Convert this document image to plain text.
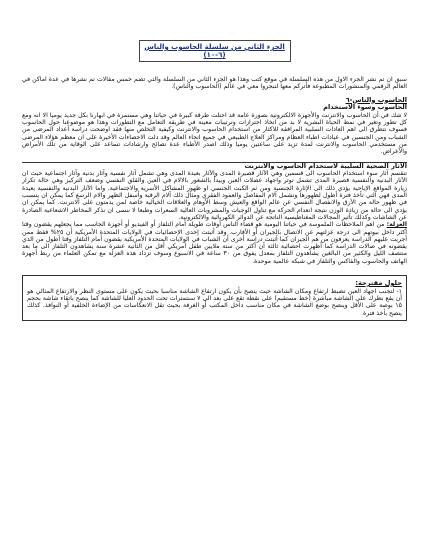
الجزء الثاني من سلسلة الحاسوب والناس (٦-١٠)

سبق ان تم نشر الجزء الاول من هذه السلسلة في موقع كتب وهذا هو الجزء الثاني من السلسلة والتي تضم خمس مقالات تم نشرها في عدة اماكن في العالم الرقمي والمنشورات المطبوعة فأتركم معها لتبحروا معي في عالم (الحاسوب والناس).

الحاسوب والناس-٦
الحاسوب وسوء الاستخدام

لا شك في أن الحاسوب والانترنت والأجهزة الالكترونية بصورة عامة قد احتلت طرقة كبيرة في حياتنا وهي مستمرة في ابهارنا بكل جديد يوميا الا انه ومع كل تطور وتغير في نمط الحياة البشرية لا بد من اتخاذ احترازات وترتيبات معينة في طريقة التعامل مع التطورات وهذا هو موضوعنا حول الحاسوب فسوف نتطرق الى اهم العادات السلبية المرافقة للاكثار من استخدام الحاسوب والانترنت وكيفية التخلص منها فقد اوضحت دراسة أعداد المرضى من الشباب ومن الجنسين في عيادات اطباء العظام ومراكز العلاج الطبيعي في جميع انحاء العالم وقد دلت الاحصاءات الأخيرة على ان معظم هؤلاء المرضى من مستخدمي الحاسوب والانترنت لمدة تزيد على ساعتين يوميا وذلك اصدر الأطباء عدة نصائح وارشادات تساعد على الوقاية من تلك الأمراض والأعراض.

الآثار الصحية السلبية لاستخدام الحاسوب والانترنت

تنقسم آثار سوء استخدام الحاسوب الى قسمين وهي الآثار قصيرة المدى والآثار بعيدة المدى وهي تشمل آثار نفسية وآثار بدنية وآثار اجتماعية حيث ان الآثار البدنية والنفسية قصيرة المدى تشمل توتر واجهاد عضلات العين وبيدأ بالشعور بالالام في العين والقلق النفسي وضعف التركيز وهي حالة تكرار زيارة المواقع الإباحية يؤدي ذلك الى الإثارة الجنسية ومن ثم الكبت الجنسي او ظهور المشاكل الأسرية والاجتماعية. واما الآثار البدنية والنفسية بعيدة المدى فهي التي تأخذ فترة أطول لظهورها وتشمل آلام المفاصل والعمود الفقري ومثال ذلك آلام الرقبة وأسفل الظهر والام الرسغ كما يمكن ان يتسبب في ظهور حالة من الأرق والانفصال النفسي عن عالم الواقع والعيش وسط الأوهام والعلاقات الخيالية خاصة لمن يدمنون على الانترنت. كما يمكن ان يؤدي الى حالة من زيادة الوزن نتيجة انعدام الحركة مع تناول الوجبات والمشروبات العالية السعرات وطبعا لا ننسى ان نذكر المخاطر الاشعاعية الصادرة عن الشاشات وكذلك تأثير المجالات المغناطيسية الناتجة عن الدوائر الكهربائية والالكترونية.

العزلة: من اهم الملاحظات الملموسة في حياتنا اليومية هو قضاء الناس أوقات طويلة أمام التلفاز أو الفيديو أو أجهزة الحاسب مما يجعلهم يقضون وقتا أكثر داخل بيوتهم الى درجة عزلتهم عن الاتصال بالجيران أو الأقارب. وقد أثبتت إحدى الإحصائيات في الولايات المتحدة الأمريكية أن ٢٥% فقط ممن أجريت عليهم الدراسة يعرفون من هم الجيران كما أثبتت دراسة أخرى أن الشباب في الولايات المتحدة الأمريكية يقضون أمام التلفاز وقتا أطول من الذي يقضونه في صالات الدراسة كما أظهرت احصائية ثالثة أن أكثر من ستة ملايين طفل أمريكي أقل من الثانية عشرة سنة يشاهدون التلفاز الى ما بعد منتصف الليل والكثير من البالغين يشاهدون التلفاز بمعدل يفوق من ٣٠ ساعة في الاسبوع وسوف تزداد هذه العزلة مع تمكن العلماء من ربط أجهزة الهاتف والحاسوب والفاكس والتلفاز في شبكة عالمية موحدة.

حلول مقترحة:

١- لتجنب اجهاد العين تضبط ارتفاع ومكان الشاشة حيث ينصح بأن يكون ارتفاع الشاشة مناسبا بحيث يكون على مستوى النظر والارتفاع المثالي هو أن يقع نظرك على الشاشة مباشرة (خط مستقيم) على نقطة تقع على بعد الى ٧ سنتمترات تحت الحدود العليا للشاشة كما ينصح باتقاء شاشة بحجم ١٥ بوصة على الأقل وينصح بوضع الشاشة في مكان مناسب داخل المكتب أو الغرفة بحيث تقل الانعكاسات من الإضاءة الخلفية أو النوافذ. كذلك ينصح بأخذ فترة
